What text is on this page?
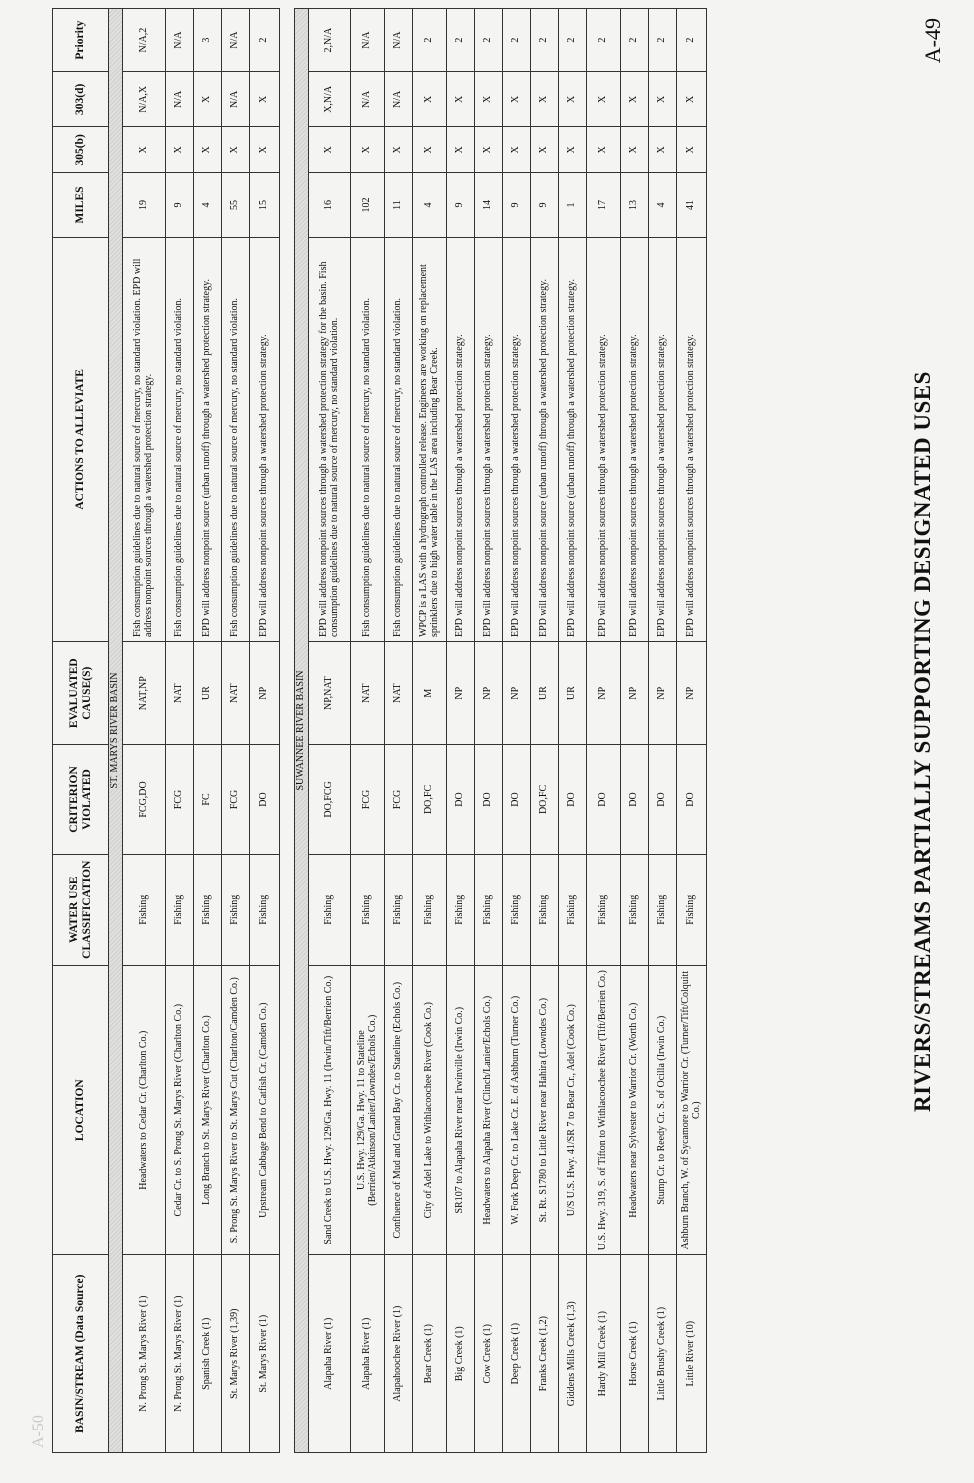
A-50
RIVERS/STREAMS PARTIALLY SUPPORTING DESIGNATED USES
A-49
BASIN/STREAM (Data Source)	LOCATION	WATER USE CLASSIFICATION	CRITERION VIOLATED	EVALUATED CAUSE(S)	ACTIONS TO ALLEVIATE	MILES	305(b)	303(d)	Priority
ST. MARYS RIVER BASIN									
N. Prong St. Marys River (1)	Headwaters to Cedar Cr. (Charlton Co.)	Fishing	FCG,DO	NAT,NP	Fish consumption guidelines due to natural source of mercury, no standard violation. EPD will address nonpoint sources through a watershed protection strategy.	19	X	N/A,X	N/A,2
N. Prong St. Marys River (1)	Cedar Cr. to S. Prong St. Marys River (Charlton Co.)	Fishing	FCG	NAT	Fish consumption guidelines due to natural source of mercury, no standard violation.	9	X	N/A	N/A
Spanish Creek (1)	Long Branch to St. Marys River (Charlton Co.)	Fishing	FC	UR	EPD will address nonpoint source (urban runoff) through a watershed protection strategy.	4	X	X	3
St. Marys River (1,39)	S. Prong St. Marys River to St. Marys Cut (Charlton/Camden Co.)	Fishing	FCG	NAT	Fish consumption guidelines due to natural source of mercury, no standard violation.	55	X	N/A	N/A
St. Marys River (1)	Upstream Cabbage Bend to Catfish Cr. (Camden Co.)	Fishing	DO	NP	EPD will address nonpoint sources through a watershed protection strategy.	15	X	X	2

SUWANNEE RIVER BASIN									
Alapaha River (1)	Sand Creek to U.S. Hwy. 129/Ga. Hwy. 11 (Irwin/Tift/Berrien Co.)	Fishing	DO,FCG	NP,NAT	EPD will address nonpoint sources through a watershed protection strategy for the basin. Fish consumption guidelines due to natural source of mercury, no standard violation.	16	X	X,N/A	2,N/A
Alapaha River (1)	U.S. Hwy. 129/Ga. Hwy. 11 to Stateline (Berrien/Atkinson/Lanier/Lowndes/Echols Co.)	Fishing	FCG	NAT	Fish consumption guidelines due to natural source of mercury, no standard violation.	102	X	N/A	N/A
Alapahoochee River (1)	Confluence of Mud and Grand Bay Cr. to Stateline (Echols Co.)	Fishing	FCG	NAT	Fish consumption guidelines due to natural source of mercury, no standard violation.	11	X	N/A	N/A
Bear Creek (1)	City of Adel Lake to Withlacoochee River (Cook Co.)	Fishing	DO,FC	M	WPCP is a LAS with a hydrograph controlled release. Engineers are working on replacement sprinklers due to high water table in the LAS area including Bear Creek.	4	X	X	2
Big Creek (1)	SR107 to Alapaha River near Irwinville (Irwin Co.)	Fishing	DO	NP	EPD will address nonpoint sources through a watershed protection strategy.	9	X	X	2
Cow Creek (1)	Headwaters to Alapaha River (Clinch/Lanier/Echols Co.)	Fishing	DO	NP	EPD will address nonpoint sources through a watershed protection strategy.	14	X	X	2
Deep Creek (1)	W. Fork Deep Cr. to Lake Cr. E. of Ashburn (Turner Co.)	Fishing	DO	NP	EPD will address nonpoint sources through a watershed protection strategy.	9	X	X	2
Franks Creek (1,2)	St. Rt. S1780 to Little River near Hahira (Lowndes Co.)	Fishing	DO,FC	UR	EPD will address nonpoint source (urban runoff) through a watershed protection strategy.	9	X	X	2
Giddens Mills Creek (1,3)	U/S U.S. Hwy. 41/SR 7 to Bear Cr., Adel (Cook Co.)	Fishing	DO	UR	EPD will address nonpoint source (urban runoff) through a watershed protection strategy.	1	X	X	2
Hardy Mill Creek (1)	U.S. Hwy. 319, S. of Tifton to Withlacoochee River (Tift/Berrien Co.)	Fishing	DO	NP	EPD will address nonpoint sources through a watershed protection strategy.	17	X	X	2
Horse Creek (1)	Headwaters near Sylvester to Warrior Cr. (Worth Co.)	Fishing	DO	NP	EPD will address nonpoint sources through a watershed protection strategy.	13	X	X	2
Little Brushy Creek (1)	Stump Cr. to Reedy Cr. S. of Ocilla (Irwin Co.)	Fishing	DO	NP	EPD will address nonpoint sources through a watershed protection strategy.	4	X	X	2
Little River (10)	Ashburn Branch, W. of Sycamore to Warrior Cr. (Turner/Tift/Colquitt Co.)	Fishing	DO	NP	EPD will address nonpoint sources through a watershed protection strategy.	41	X	X	2
